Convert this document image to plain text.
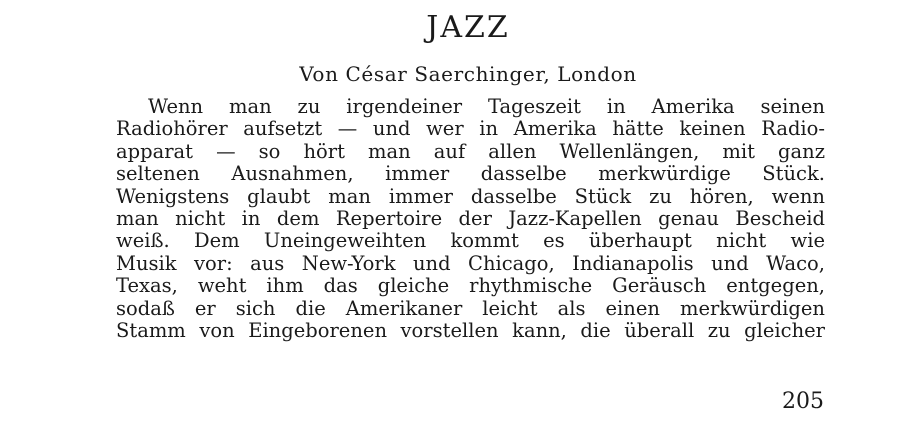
JAZZ

Von César Saerchinger, London

Wenn man zu irgendeiner Tageszeit in Amerika seinen
Radiohörer aufsetzt — und wer in Amerika hätte keinen Radio-
apparat — so hört man auf allen Wellenlängen, mit ganz
seltenen Ausnahmen, immer dasselbe merkwürdige Stück.
Wenigstens glaubt man immer dasselbe Stück zu hören, wenn
man nicht in dem Repertoire der Jazz-Kapellen genau Bescheid
weiß. Dem Uneingeweihten kommt es überhaupt nicht wie
Musik vor: aus New-York und Chicago, Indianapolis und Waco,
Texas, weht ihm das gleiche rhythmische Geräusch entgegen,
sodaß er sich die Amerikaner leicht als einen merkwürdigen
Stamm von Eingeborenen vorstellen kann, die überall zu gleicher

205
